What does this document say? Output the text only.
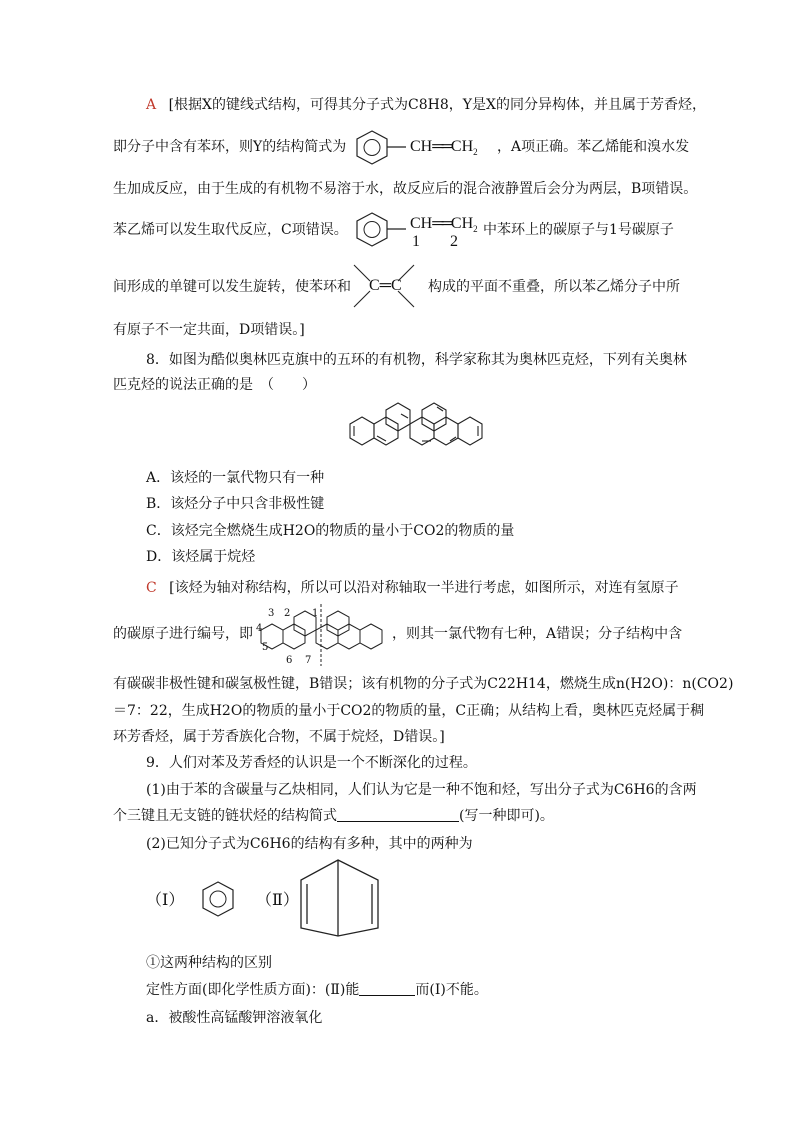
A [根据X的键线式结构，可得其分子式为C8H8，Y是X的同分异构体，并且属于芳香烃，
即分子中含有苯环，则Y的结构简式为	$CH══CH_2$ ，A项正确。苯乙烯能和溴水发
生加成反应，由于生成的有机物不易溶于水，故反应后的混合液静置后会分为两层，B项错误。
苯乙烯可以发生取代反应，C项错误。	$CH══CH_2$
1 2
中苯环上的碳原子与1号碳原子
间形成的单键可以发生旋转，使苯环和 C═C 构成的平面不重叠，所以苯乙烯分子中所
有原子不一定共面，D项错误。]
8．如图为酷似奥林匹克旗中的五环的有机物，科学家称其为奥林匹克烃，下列有关奥林
匹克烃的说法正确的是　（　　）
A．该烃的一氯代物只有一种
B．该烃分子中只含非极性键
C．该烃完全燃烧生成H2O的物质的量小于CO2的物质的量
D．该烃属于烷烃
C [该烃为轴对称结构，所以可以沿对称轴取一半进行考虑，如图所示，对连有氢原子
的碳原子进行编号，即
1
2
3
4
5
6 7
，则其一氯代物有七种，A错误；分子结构中含
有碳碳非极性键和碳氢极性键，B错误；该有机物的分子式为C22H14，燃烧生成n(H2O)：n(CO2)
＝7：22，生成H2O的物质的量小于CO2的物质的量，C正确；从结构上看，奥林匹克烃属于稠
环芳香烃，属于芳香族化合物，不属于烷烃，D错误。]
9．人们对苯及芳香烃的认识是一个不断深化的过程。
(1)由于苯的含碳量与乙炔相同，人们认为它是一种不饱和烃，写出分子式为C6H6的含两
个三键且无支链的链状烃的结构简式	(写一种即可)。
(2)已知分子式为C6H6的结构有多种，其中的两种为
（Ⅰ）	（Ⅱ）
①这两种结构的区别
定性方面(即化学性质方面)：(Ⅱ)能	而(Ⅰ)不能。
a．被酸性高锰酸钾溶液氧化
